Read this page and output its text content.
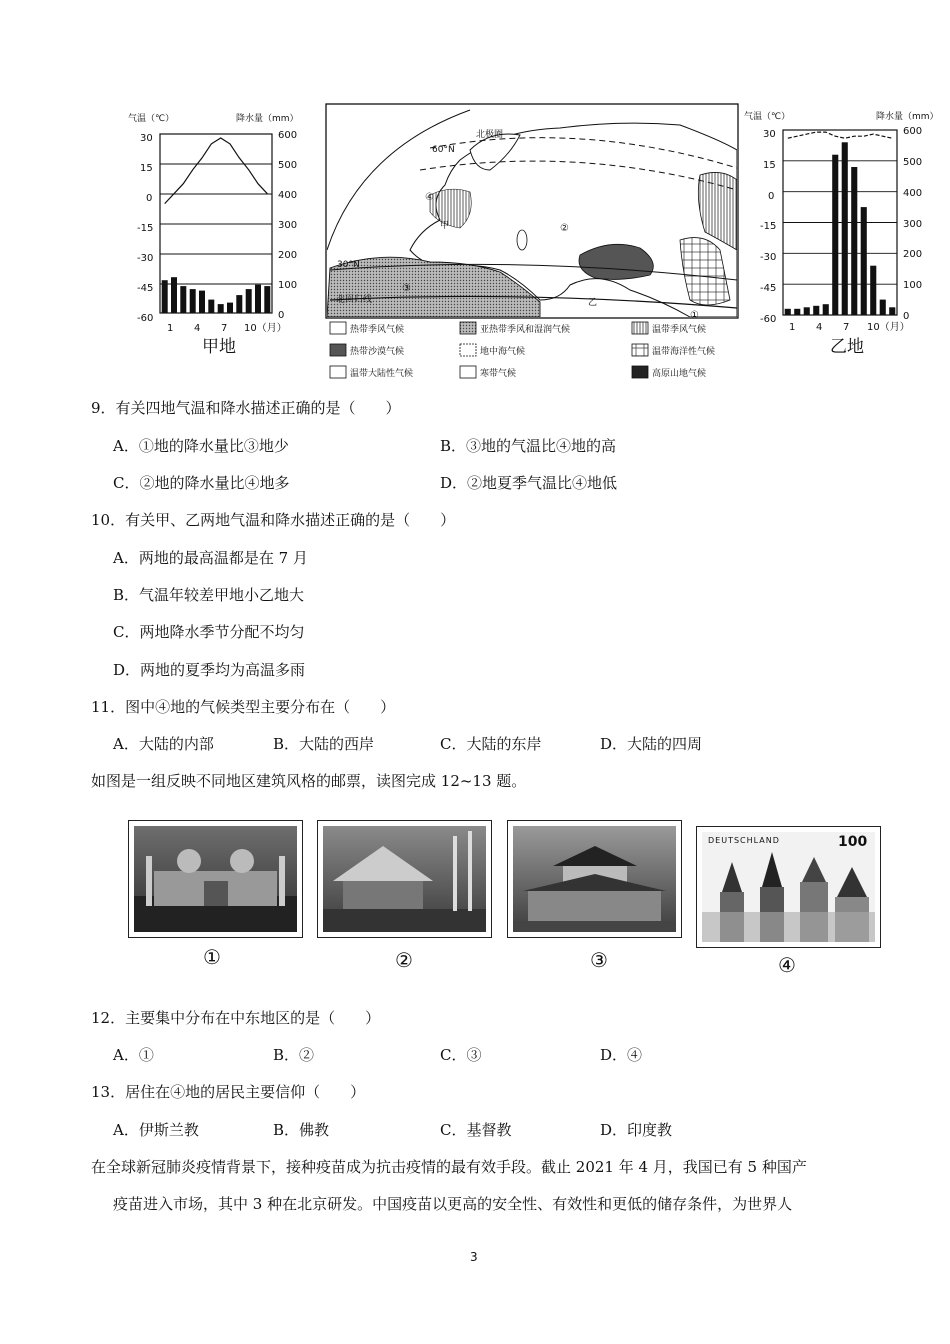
气温（℃）	降水量（mm）
30
15
0
-15
-30
-45
-60
600
500
400
300
200
100
0
1 4 7 10（月）
甲地
北极圈
60°N
30°N
北回归线
①
②
③
④
甲
乙
热带季风气候	亚热带季风和湿润气候	温带季风气候
热带沙漠气候	地中海气候	温带海洋性气候
温带大陆性气候	寒带气候	高原山地气候
气温（℃）	降水量（mm）
30
15
0
-15
-30
-45
-60
600
500
400
300
200
100
0
1 4 7 10（月）
乙地
9．有关四地气温和降水描述正确的是（　　）
A．①地的降水量比③地少	B．③地的气温比④地的高
C．②地的降水量比④地多	D．②地夏季气温比④地低
10．有关甲、乙两地气温和降水描述正确的是（　　）
A．两地的最高温都是在 7 月
B．气温年较差甲地小乙地大
C．两地降水季节分配不均匀
D．两地的夏季均为高温多雨
11．图中④地的气候类型主要分布在（　　）
A．大陆的内部	B．大陆的西岸	C．大陆的东岸	D．大陆的四周
如图是一组反映不同地区建筑风格的邮票，读图完成 12~13 题。
DEUTSCHLAND	100
①	②	③	④
12．主要集中分布在中东地区的是（　　）
A．①	B．②	C．③	D．④
13．居住在④地的居民主要信仰（　　）
A．伊斯兰教	B．佛教	C．基督教	D．印度教
在全球新冠肺炎疫情背景下，接种疫苗成为抗击疫情的最有效手段。截止 2021 年 4 月，我国已有 5 种国产
疫苗进入市场，其中 3 种在北京研发。中国疫苗以更高的安全性、有效性和更低的储存条件，为世界人
3
